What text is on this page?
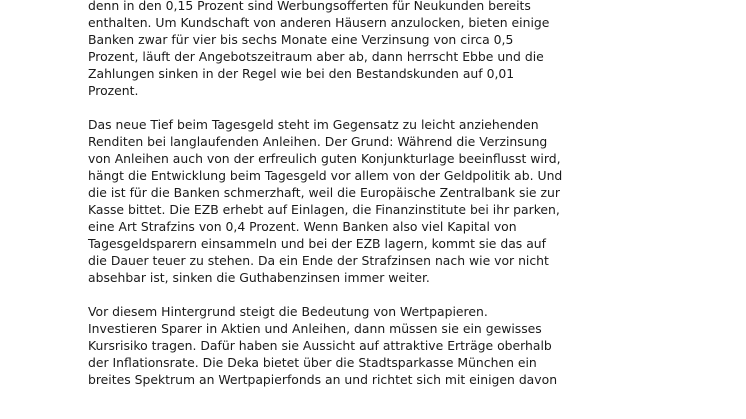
denn in den 0,15 Prozent sind Werbungsofferten für Neukunden bereits
enthalten. Um Kundschaft von anderen Häusern anzulocken, bieten einige
Banken zwar für vier bis sechs Monate eine Verzinsung von circa 0,5
Prozent, läuft der Angebotszeitraum aber ab, dann herrscht Ebbe und die
Zahlungen sinken in der Regel wie bei den Bestandskunden auf 0,01
Prozent.

Das neue Tief beim Tagesgeld steht im Gegensatz zu leicht anziehenden
Renditen bei langlaufenden Anleihen. Der Grund: Während die Verzinsung
von Anleihen auch von der erfreulich guten Konjunkturlage beeinflusst wird,
hängt die Entwicklung beim Tagesgeld vor allem von der Geldpolitik ab. Und
die ist für die Banken schmerzhaft, weil die Europäische Zentralbank sie zur
Kasse bittet. Die EZB erhebt auf Einlagen, die Finanzinstitute bei ihr parken,
eine Art Strafzins von 0,4 Prozent. Wenn Banken also viel Kapital von
Tagesgeldsparern einsammeln und bei der EZB lagern, kommt sie das auf
die Dauer teuer zu stehen. Da ein Ende der Strafzinsen nach wie vor nicht
absehbar ist, sinken die Guthabenzinsen immer weiter.

Vor diesem Hintergrund steigt die Bedeutung von Wertpapieren.
Investieren Sparer in Aktien und Anleihen, dann müssen sie ein gewisses
Kursrisiko tragen. Dafür haben sie Aussicht auf attraktive Erträge oberhalb
der Inflationsrate. Die Deka bietet über die Stadtsparkasse München ein
breites Spektrum an Wertpapierfonds an und richtet sich mit einigen davon
